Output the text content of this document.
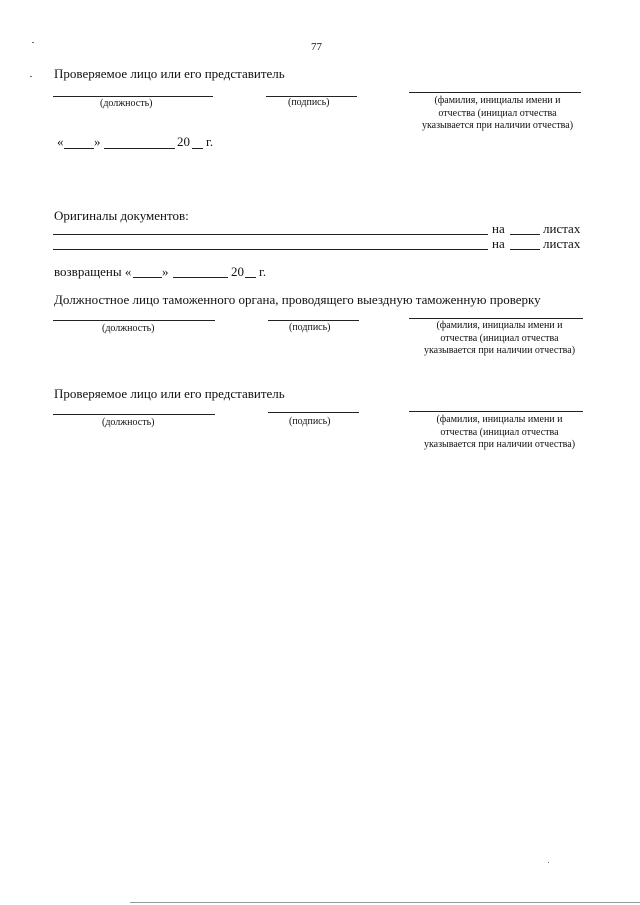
77
Проверяемое лицо или его представитель
(должность)	(подпись)	(фамилия, инициалы имени и
отчества (инициал отчества
указывается при наличии отчества)
« »	20 г.
Оригиналы документов:
на	листах
на	листах
возвращены « »	20 г.
Должностное лицо таможенного органа, проводящего выездную таможенную проверку
(должность)	(подпись)	(фамилия, инициалы имени и
отчества (инициал отчества
указывается при наличии отчества)
Проверяемое лицо или его представитель
(должность)	(подпись)	(фамилия, инициалы имени и
отчества (инициал отчества
указывается при наличии отчества)
